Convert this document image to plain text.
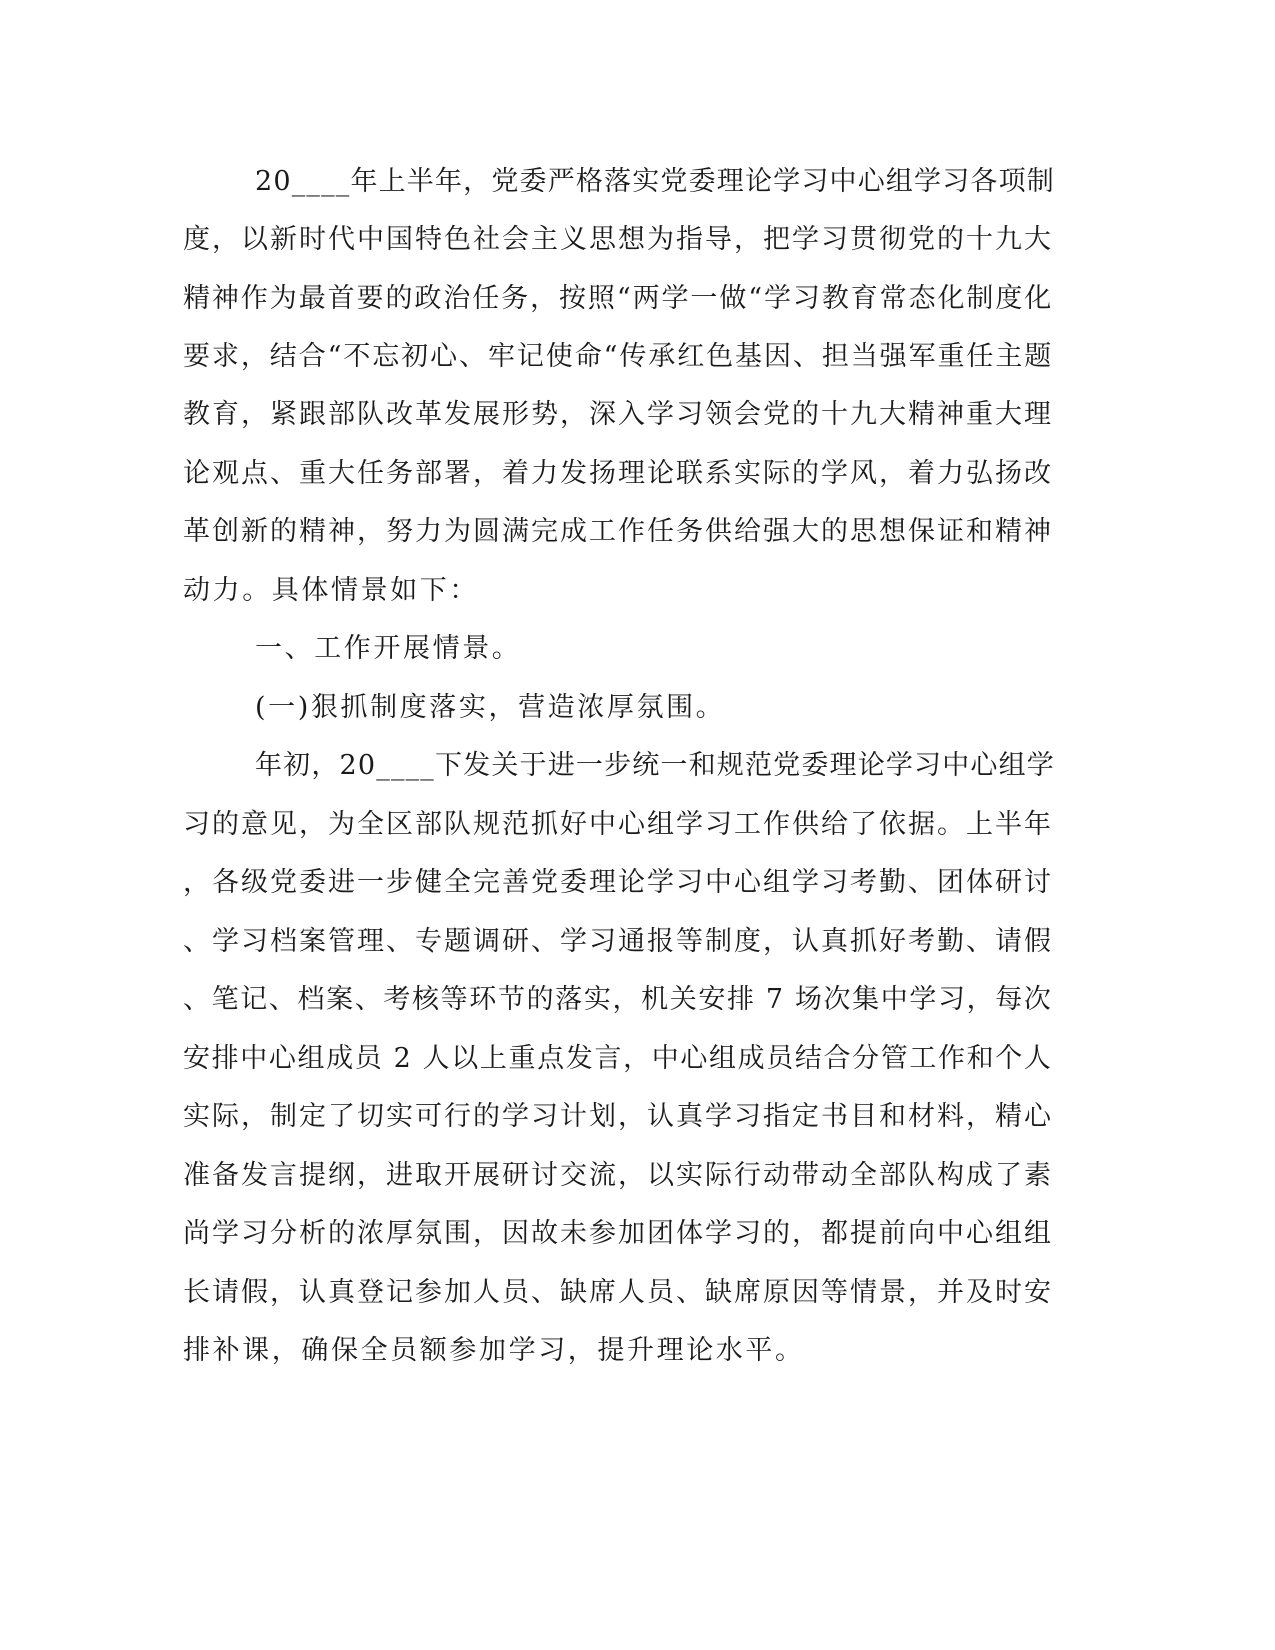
20____年上半年，党委严格落实党委理论学习中心组学习各项制
度，以新时代中国特色社会主义思想为指导，把学习贯彻党的十九大
精神作为最首要的政治任务，按照“两学一做“学习教育常态化制度化
要求，结合“不忘初心、牢记使命“传承红色基因、担当强军重任主题
教育，紧跟部队改革发展形势，深入学习领会党的十九大精神重大理
论观点、重大任务部署，着力发扬理论联系实际的学风，着力弘扬改
革创新的精神，努力为圆满完成工作任务供给强大的思想保证和精神
动力。具体情景如下：
一、工作开展情景。
(一)狠抓制度落实，营造浓厚氛围。
年初，20____下发关于进一步统一和规范党委理论学习中心组学
习的意见，为全区部队规范抓好中心组学习工作供给了依据。上半年
，各级党委进一步健全完善党委理论学习中心组学习考勤、团体研讨
、学习档案管理、专题调研、学习通报等制度，认真抓好考勤、请假
、笔记、档案、考核等环节的落实，机关安排 7 场次集中学习，每次
安排中心组成员 2 人以上重点发言，中心组成员结合分管工作和个人
实际，制定了切实可行的学习计划，认真学习指定书目和材料，精心
准备发言提纲，进取开展研讨交流，以实际行动带动全部队构成了素
尚学习分析的浓厚氛围，因故未参加团体学习的，都提前向中心组组
长请假，认真登记参加人员、缺席人员、缺席原因等情景，并及时安
排补课，确保全员额参加学习，提升理论水平。
